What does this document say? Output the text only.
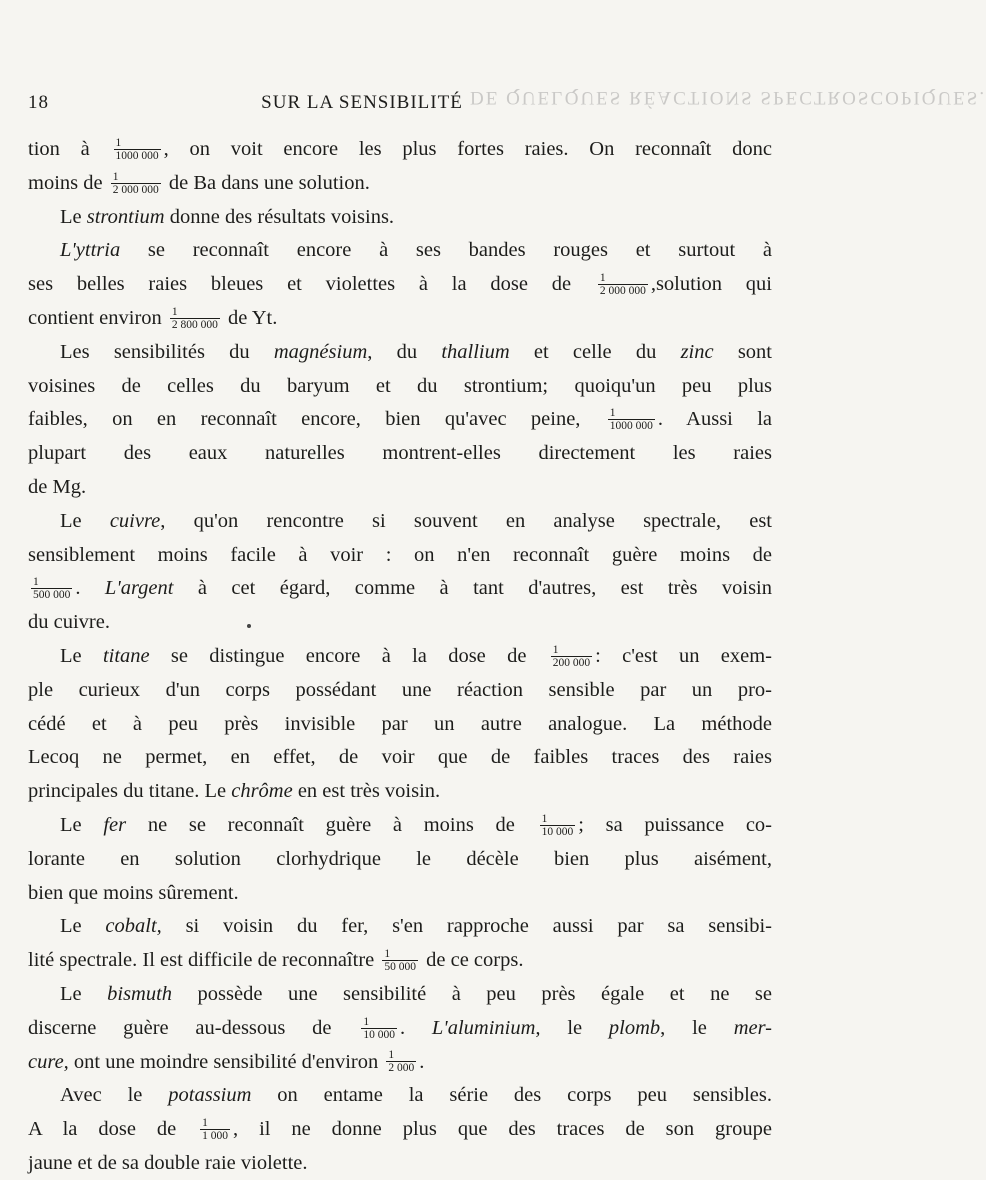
DE QUELQUES RÉACTIONS SPECTROSCOPIQUES.
18	SUR LA SENSIBILITÉ
tion à $\frac{1}{1000 000}$ , on voit encore les plus fortes raies. On reconnaît donc
moins de $\frac{1}{2 000 000}$ de Ba dans une solution.
Le strontium donne des résultats voisins.
L'yttria se reconnaît encore à ses bandes rouges et surtout à
ses belles raies bleues et violettes à la dose de $\frac{1}{2 000 000}$ ,solution qui
contient environ $\frac{1}{2 800 000}$ de Yt.
Les sensibilités du magnésium, du thallium et celle du zinc sont
voisines de celles du baryum et du strontium; quoiqu'un peu plus
faibles, on en reconnaît encore, bien qu'avec peine, $\frac{1}{1000 000}$ . Aussi la
plupart des eaux naturelles montrent-elles directement les raies
de Mg.
Le cuivre, qu'on rencontre si souvent en analyse spectrale, est
sensiblement moins facile à voir : on n'en reconnaît guère moins de
$\frac{1}{500 000}$ . L'argent à cet égard, comme à tant d'autres, est très voisin
du cuivre.
Le titane se distingue encore à la dose de $\frac{1}{200 000}$ : c'est un exem-
ple curieux d'un corps possédant une réaction sensible par un pro-
cédé et à peu près invisible par un autre analogue. La méthode
Lecoq ne permet, en effet, de voir que de faibles traces des raies
principales du titane. Le chrôme en est très voisin.
Le fer ne se reconnaît guère à moins de $\frac{1}{10 000}$ ; sa puissance co-
lorante en solution clorhydrique le décèle bien plus aisément,
bien que moins sûrement.
Le cobalt, si voisin du fer, s'en rapproche aussi par sa sensibi-
lité spectrale. Il est difficile de reconnaître $\frac{1}{50 000}$ de ce corps.
Le bismuth possède une sensibilité à peu près égale et ne se
discerne guère au-dessous de $\frac{1}{10 000}$ . L'aluminium, le plomb, le mer-
cure, ont une moindre sensibilité d'environ $\frac{1}{2 000}$ .
Avec le potassium on entame la série des corps peu sensibles.
A la dose de $\frac{1}{1 000}$ , il ne donne plus que des traces de son groupe
jaune et de sa double raie violette.
